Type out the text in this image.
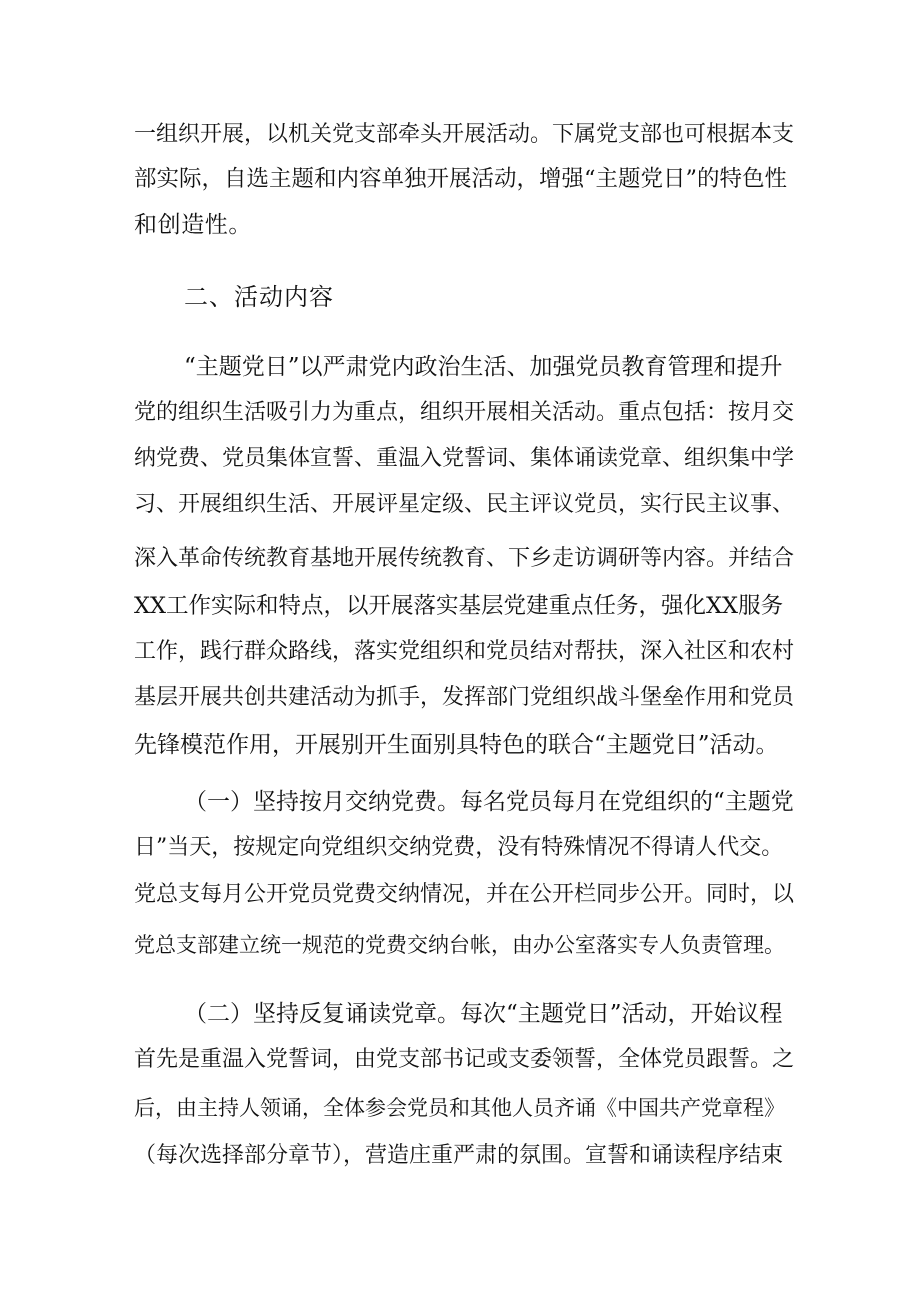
一组织开展，以机关党支部牵头开展活动。下属党支部也可根据本支
部实际，自选主题和内容单独开展活动，增强“主题党日”的特色性
和创造性。
二、活动内容
“主题党日”以严肃党内政治生活、加强党员教育管理和提升
党的组织生活吸引力为重点，组织开展相关活动。重点包括：按月交
纳党费、党员集体宣誓、重温入党誓词、集体诵读党章、组织集中学
习、开展组织生活、开展评星定级、民主评议党员，实行民主议事、
深入革命传统教育基地开展传统教育、下乡走访调研等内容。并结合
XX工作实际和特点，以开展落实基层党建重点任务，强化XX服务
工作，践行群众路线，落实党组织和党员结对帮扶，深入社区和农村
基层开展共创共建活动为抓手，发挥部门党组织战斗堡垒作用和党员
先锋模范作用，开展别开生面别具特色的联合“主题党日”活动。
（一）坚持按月交纳党费。每名党员每月在党组织的“主题党
日”当天，按规定向党组织交纳党费，没有特殊情况不得请人代交。
党总支每月公开党员党费交纳情况，并在公开栏同步公开。同时，以
党总支部建立统一规范的党费交纳台帐，由办公室落实专人负责管理。
（二）坚持反复诵读党章。每次“主题党日”活动，开始议程
首先是重温入党誓词，由党支部书记或支委领誓，全体党员跟誓。之
后，由主持人领诵，全体参会党员和其他人员齐诵《中国共产党章程》
（每次选择部分章节），营造庄重严肃的氛围。宣誓和诵读程序结束
